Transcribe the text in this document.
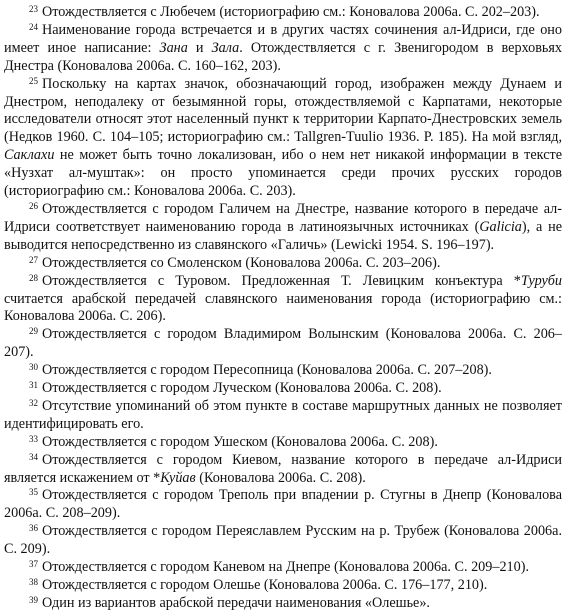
$^{23}$ Отождествляется с Любечем (историографию см.: Коновалова 2006а. С. 202–203).

$^{24}$ Наименование города встречается и в других частях сочинения ал-Идриси, где оно имеет иное написание: Зана и Зала. Отождествляется с г. Звенигородом в верховьях Днестра (Коновалова 2006а. С. 160–162, 203).

$^{25}$ Поскольку на картах значок, обозначающий город, изображен между Дунаем и Днестром, неподалеку от безымянной горы, отождествляемой с Карпатами, некоторые исследователи относят этот населенный пункт к территории Карпато-Днестровских земель (Недков 1960. С. 104–105; историографию см.: Tallgren-Tuulio 1936. P. 185). На мой взгляд, Саклахи не может быть точно локализован, ибо о нем нет никакой информации в тексте «Нузхат ал-муштак»: он просто упоминается среди прочих русских городов (историографию см.: Коновалова 2006а. С. 203).

$^{26}$ Отождествляется с городом Галичем на Днестре, название которого в передаче ал-Идриси соответствует наименованию города в латиноязычных источниках (Galicia), а не выводится непосредственно из славянского «Галичь» (Lewicki 1954. S. 196–197).

$^{27}$ Отождествляется со Смоленском (Коновалова 2006а. С. 203–206).

$^{28}$ Отождествляется с Туровом. Предложенная Т. Левицким конъектура *Туруби считается арабской передачей славянского наименования города (историографию см.: Коновалова 2006а. С. 206).

$^{29}$ Отождествляется с городом Владимиром Волынским (Коновалова 2006а. С. 206–207).

$^{30}$ Отождествляется с городом Пересопница (Коновалова 2006а. С. 207–208).

$^{31}$ Отождествляется с городом Луческом (Коновалова 2006а. С. 208).

$^{32}$ Отсутствие упоминаний об этом пункте в составе маршрутных данных не позволяет идентифицировать его.

$^{33}$ Отождествляется с городом Ушеском (Коновалова 2006а. С. 208).

$^{34}$ Отождествляется с городом Киевом, название которого в передаче ал-Идриси является искажением от *Куйав (Коновалова 2006а. С. 208).

$^{35}$ Отождествляется с городом Треполь при впадении р. Стугны в Днепр (Коновалова 2006а. С. 208–209).

$^{36}$ Отождествляется с городом Переяславлем Русским на р. Трубеж (Коновалова 2006а. С. 209).

$^{37}$ Отождествляется с городом Каневом на Днепре (Коновалова 2006а. С. 209–210).

$^{38}$ Отождествляется с городом Олешье (Коновалова 2006а. С. 176–177, 210).

$^{39}$ Один из вариантов арабской передачи наименования «Олешье».
